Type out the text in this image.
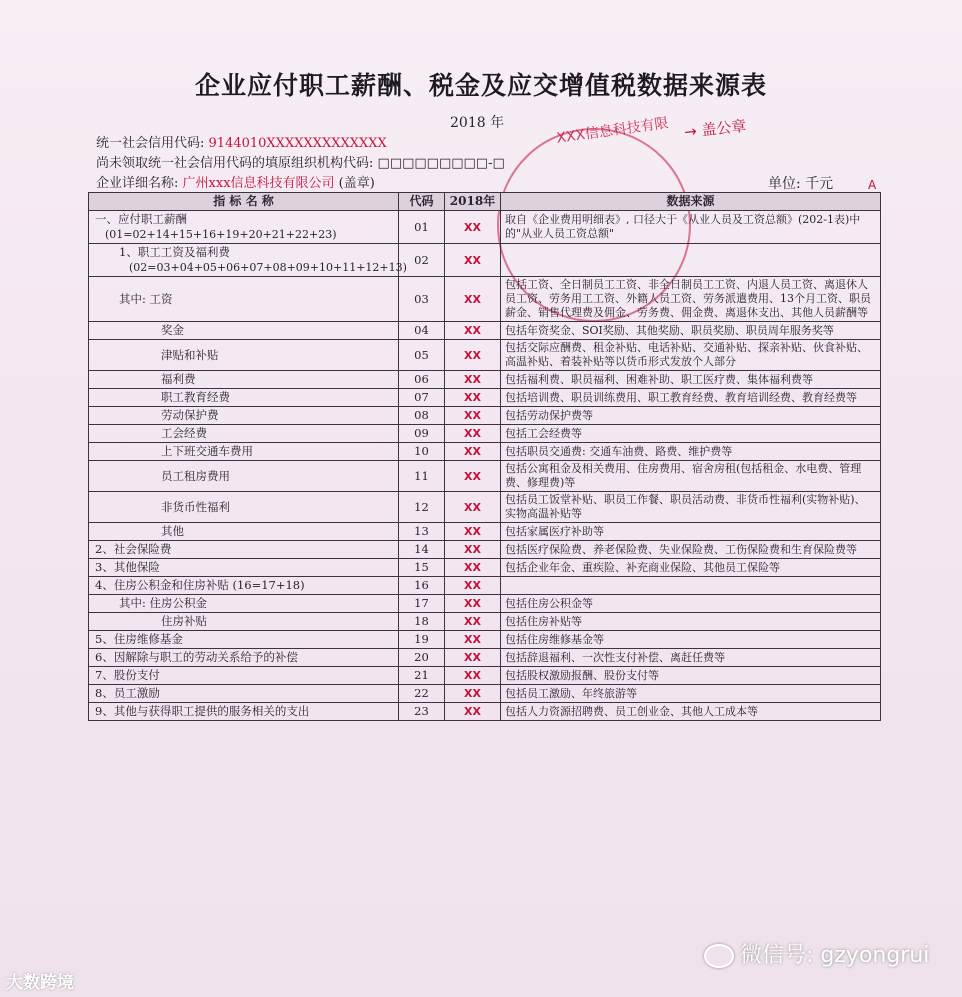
企业应付职工薪酬、税金及应交增值税数据来源表
2018 年
统一社会信用代码: 9144010XXXXXXXXXXXXX
尚未领取统一社会信用代码的填原组织机构代码: □□□□□□□□□-□
企业详细名称: 广州xxx信息科技有限公司 (盖章)	单位: 千元
XXX信息科技有限 → 盖公章
A
指 标 名 称	代码	2018年	数据来源
一、应付职工薪酬
(01=02+14+15+16+19+20+21+22+23)	01	XX	取自《企业费用明细表》, 口径大于《从业人员及工资总额》(202-1表)中的"从业人员工资总额"
1、职工工资及福利费
(02=03+04+05+06+07+08+09+10+11+12+13)	02	XX	
其中: 工资	03	XX	包括工资、全日制员工工资、非全日制员工工资、内退人员工资、离退休人员工资、劳务用工工资、外籍人员工资、劳务派遣费用、13个月工资、职员薪金、销售代理费及佣金、劳务费、佣金费、离退休支出、其他人员薪酬等
奖金	04	XX	包括年资奖金、SOI奖励、其他奖励、职员奖励、职员周年服务奖等
津贴和补贴	05	XX	包括交际应酬费、租金补贴、电话补贴、交通补贴、探亲补贴、伙食补贴、高温补贴、着装补贴等以货币形式发放个人部分
福利费	06	XX	包括福利费、职员福利、困难补助、职工医疗费、集体福利费等
职工教育经费	07	XX	包括培训费、职员训练费用、职工教育经费、教育培训经费、教育经费等
劳动保护费	08	XX	包括劳动保护费等
工会经费	09	XX	包括工会经费等
上下班交通车费用	10	XX	包括职员交通费: 交通车油费、路费、维护费等
员工租房费用	11	XX	包括公寓租金及相关费用、住房费用、宿舍房租(包括租金、水电费、管理费、修理费)等
非货币性福利	12	XX	包括员工饭堂补贴、职员工作餐、职员活动费、非货币性福利(实物补贴)、实物高温补贴等
其他	13	XX	包括家属医疗补助等
2、社会保险费	14	XX	包括医疗保险费、养老保险费、失业保险费、工伤保险费和生育保险费等
3、其他保险	15	XX	包括企业年金、重疾险、补充商业保险、其他员工保险等
4、住房公积金和住房补贴 (16=17+18)	16	XX	
其中: 住房公积金	17	XX	包括住房公积金等
住房补贴	18	XX	包括住房补贴等
5、住房维修基金	19	XX	包括住房维修基金等
6、因解除与职工的劳动关系给予的补偿	20	XX	包括辞退福利、一次性支付补偿、离赶任费等
7、股份支付	21	XX	包括股权激励报酬、股份支付等
8、员工激励	22	XX	包括员工激励、年终旅游等
9、其他与获得职工提供的服务相关的支出	23	XX	包括人力资源招聘费、员工创业金、其他人工成本等
大数跨境
微信号: gzyongrui
